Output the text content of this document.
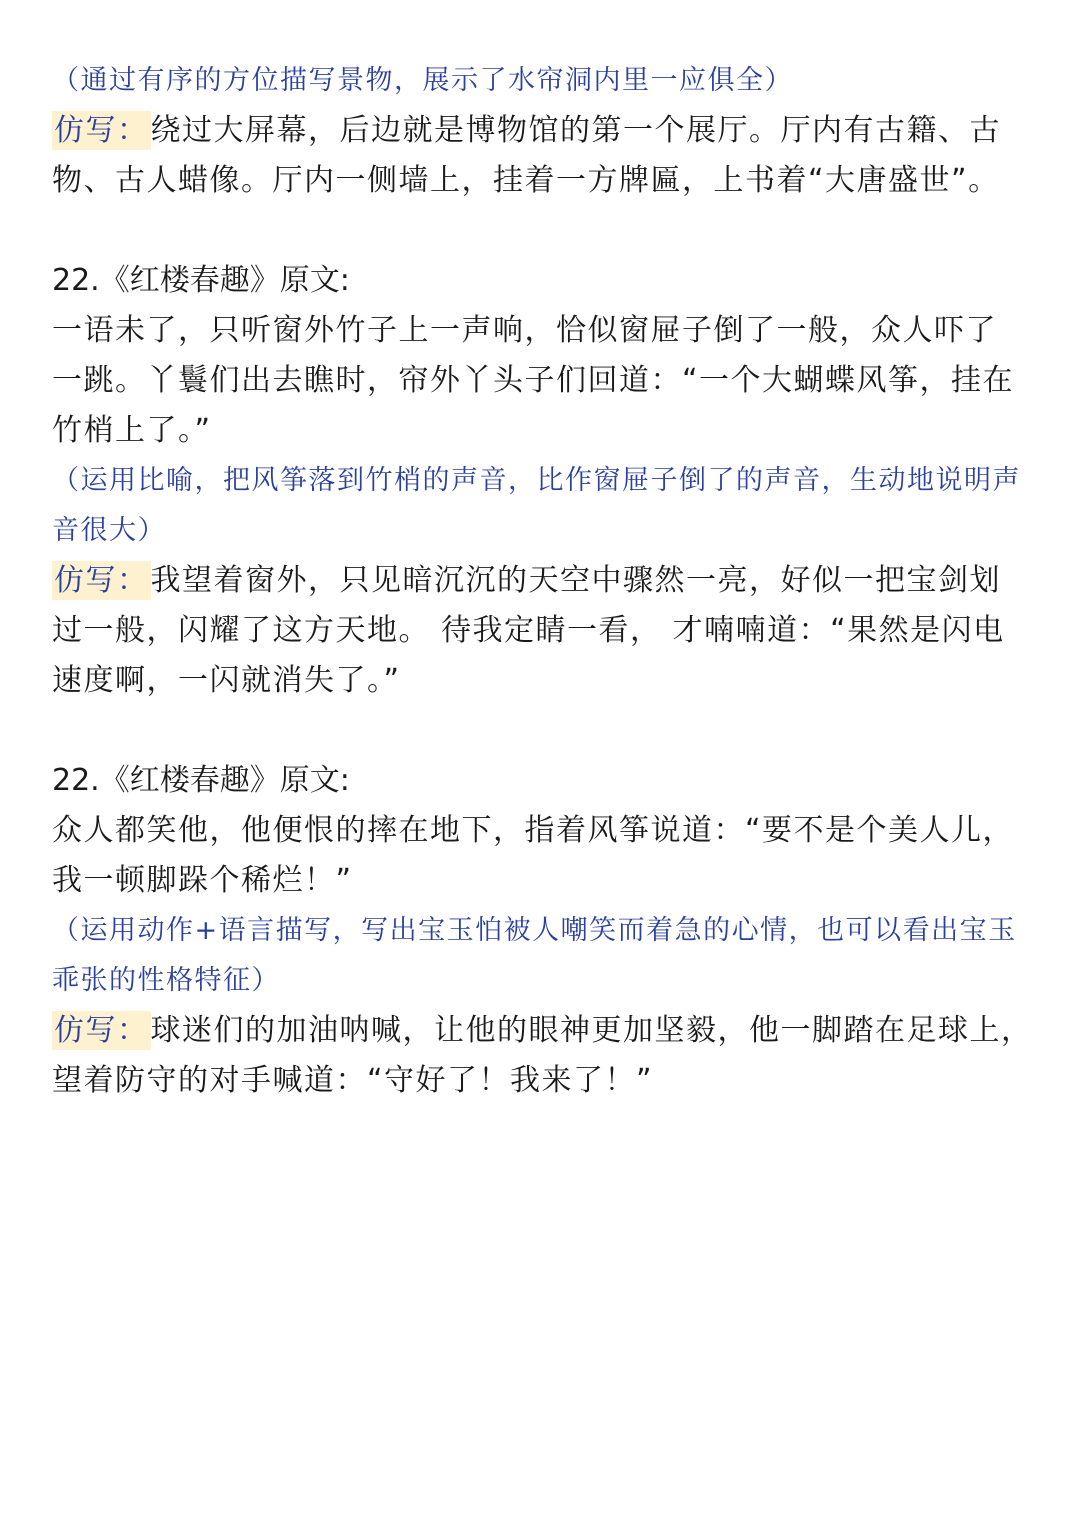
（通过有序的方位描写景物，展示了水帘洞内里一应俱全）
仿写：绕过大屏幕，后边就是博物馆的第一个展厅。厅内有古籍、古
物、古人蜡像。厅内一侧墙上，挂着一方牌匾，上书着“大唐盛世”。
22.《红楼春趣》原文:
一语未了，只听窗外竹子上一声响，恰似窗屉子倒了一般，众人吓了
一跳。丫鬟们出去瞧时，帘外丫头子们回道：“一个大蝴蝶风筝，挂在
竹梢上了。”
（运用比喻，把风筝落到竹梢的声音，比作窗屉子倒了的声音，生动地说明声
音很大）
仿写：我望着窗外，只见暗沉沉的天空中骤然一亮，好似一把宝剑划
过一般，闪耀了这方天地。 待我定睛一看， 才喃喃道：“果然是闪电
速度啊，一闪就消失了。”
22.《红楼春趣》原文:
众人都笑他，他便恨的摔在地下，指着风筝说道：“要不是个美人儿，
我一顿脚跺个稀烂！”
（运用动作+语言描写，写出宝玉怕被人嘲笑而着急的心情，也可以看出宝玉
乖张的性格特征）
仿写：球迷们的加油呐喊，让他的眼神更加坚毅，他一脚踏在足球上，
望着防守的对手喊道：“守好了！我来了！”
